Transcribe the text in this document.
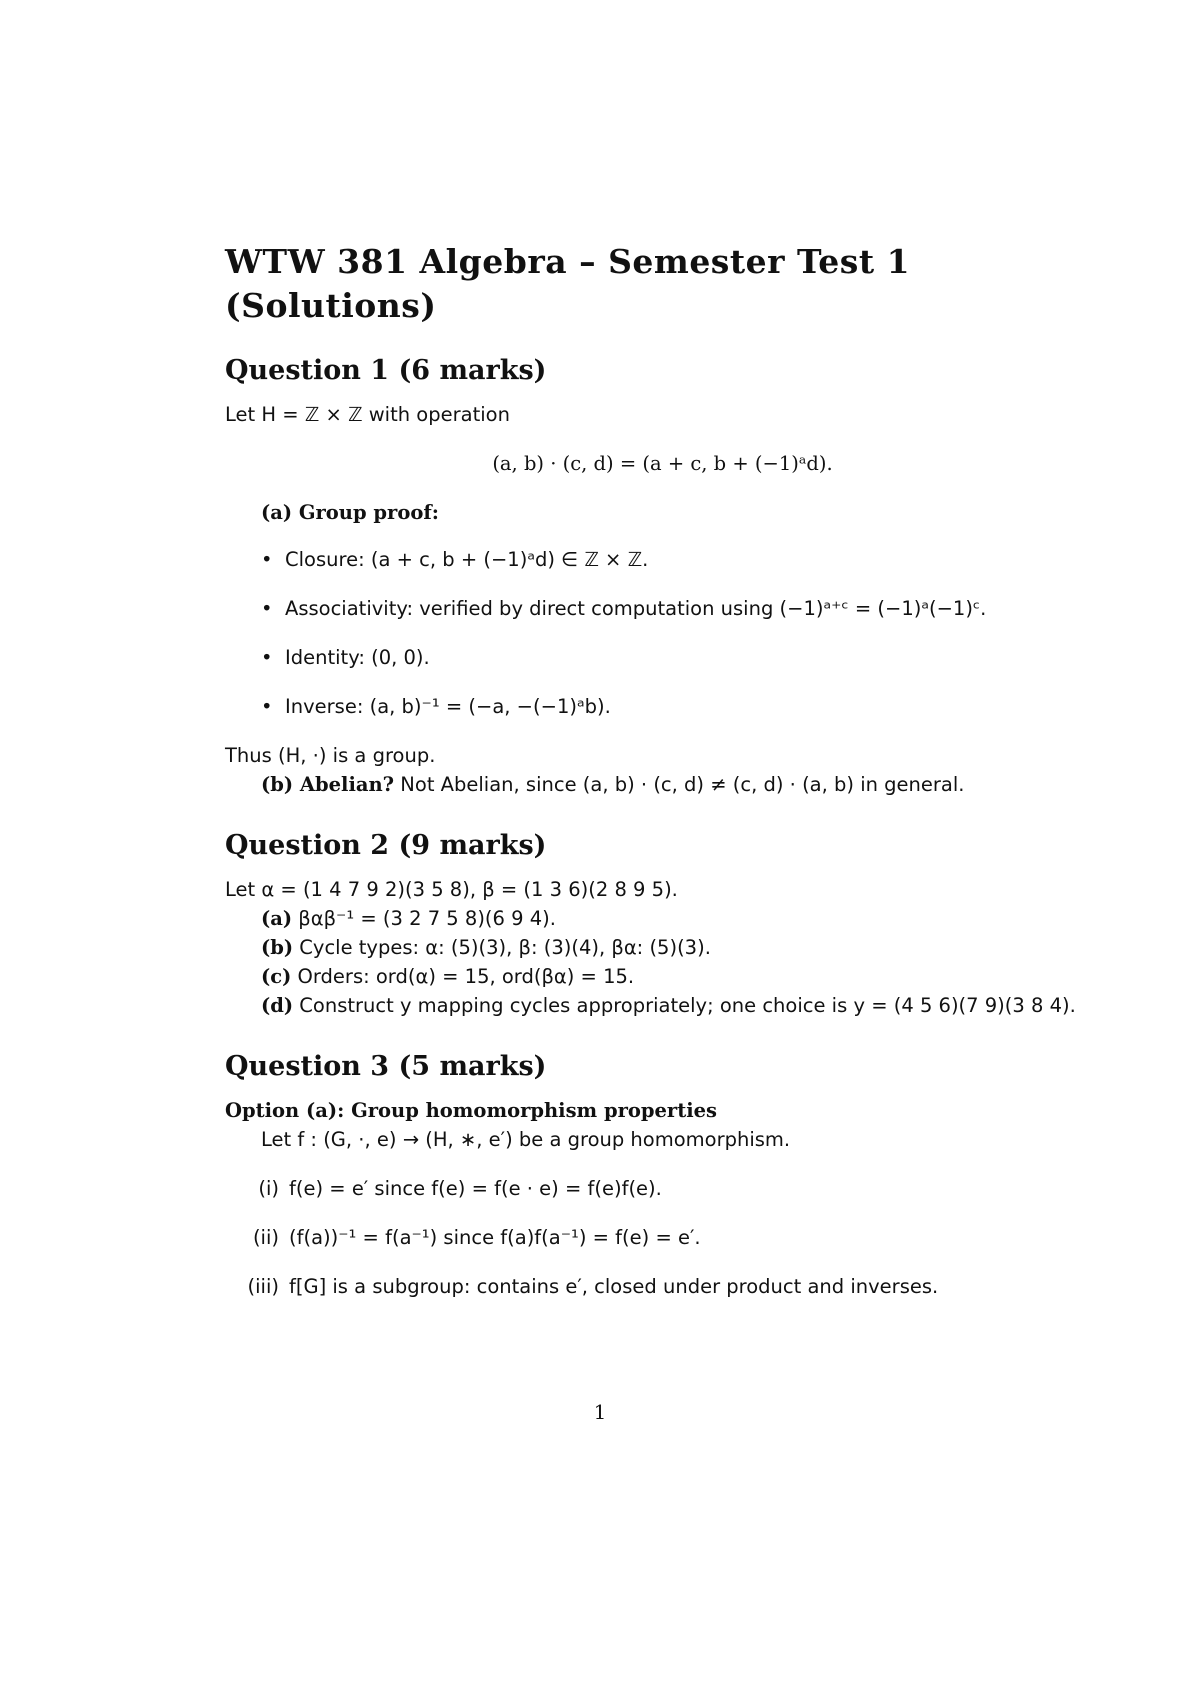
WTW 381 Algebra – Semester Test 1 (Solutions)
Question 1 (6 marks)
Let H = ℤ × ℤ with operation
(a, b) · (c, d) = (a + c, b + (−1)ᵃd).
(a) Group proof:
• Closure: (a + c, b + (−1)ᵃd) ∈ ℤ × ℤ.
• Associativity: verified by direct computation using (−1)ᵃ⁺ᶜ = (−1)ᵃ(−1)ᶜ.
• Identity: (0, 0).
• Inverse: (a, b)⁻¹ = (−a, −(−1)ᵃb).
Thus (H, ·) is a group.
(b) Abelian? Not Abelian, since (a, b) · (c, d) ≠ (c, d) · (a, b) in general.
Question 2 (9 marks)
Let α = (1 4 7 9 2)(3 5 8), β = (1 3 6)(2 8 9 5).
(a) βαβ⁻¹ = (3 2 7 5 8)(6 9 4).
(b) Cycle types: α: (5)(3), β: (3)(4), βα: (5)(3).
(c) Orders: ord(α) = 15, ord(βα) = 15.
(d) Construct y mapping cycles appropriately; one choice is y = (4 5 6)(7 9)(3 8 4).
Question 3 (5 marks)
Option (a): Group homomorphism properties
Let f : (G, ·, e) → (H, ∗, e′) be a group homomorphism.
(i) f(e) = e′ since f(e) = f(e · e) = f(e)f(e).
(ii) (f(a))⁻¹ = f(a⁻¹) since f(a)f(a⁻¹) = f(e) = e′.
(iii) f[G] is a subgroup: contains e′, closed under product and inverses.
1
